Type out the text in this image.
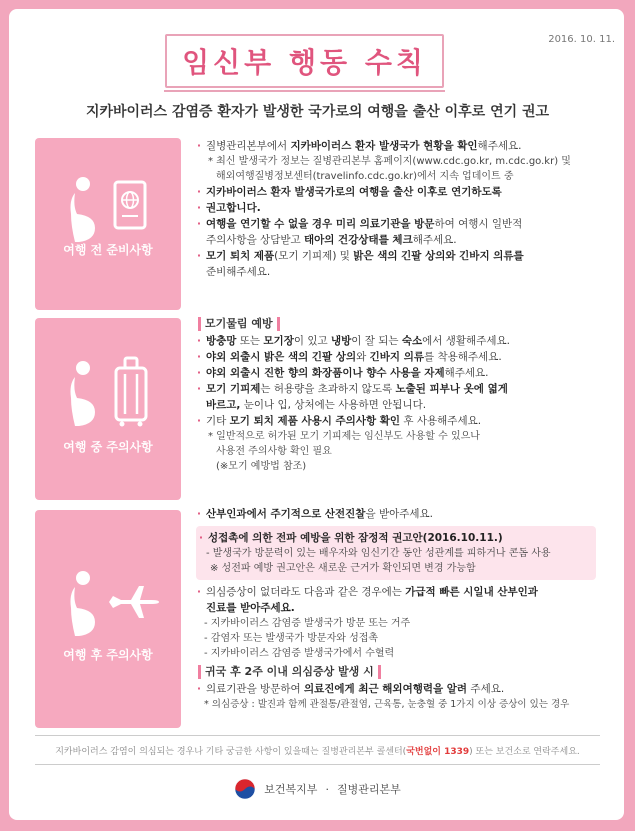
임신부 행동 수칙
2016. 10. 11.
지카바이러스 감염증 환자가 발생한 국가로의 여행을 출산 이후로 연기 권고
여행 전 준비사항
여행 중 주의사항
여행 후 주의사항
· 질병관리본부에서 지카바이러스 환자 발생국가 현황을 확인해주세요.
* 최신 발생국가 정보는 질병관리본부 홈페이지(www.cdc.go.kr, m.cdc.go.kr) 및
해외여행질병정보센터(travelinfo.cdc.go.kr)에서 지속 업데이트 중
· 지카바이러스 환자 발생국가로의 여행을 출산 이후로 연기하도록
· 권고합니다.
· 여행을 연기할 수 없을 경우 미리 의료기관을 방문하여 여행시 일반적
주의사항을 상담받고 태아의 건강상태를 체크해주세요.
· 모기 퇴치 제품(모기 기피제) 및 밝은 색의 긴팔 상의와 긴바지 의류를
준비해주세요.
모기물림 예방
· 방충망 또는 모기장이 있고 냉방이 잘 되는 숙소에서 생활해주세요.
· 야외 외출시 밝은 색의 긴팔 상의와 긴바지 의류를 착용해주세요.
· 야외 외출시 진한 향의 화장품이나 향수 사용을 자제해주세요.
· 모기 기피제는 허용량을 초과하지 않도록 노출된 피부나 옷에 엷게
바르고, 눈이나 입, 상처에는 사용하면 안됩니다.
· 기타 모기 퇴치 제품 사용시 주의사항 확인 후 사용해주세요.
* 일반적으로 허가된 모기 기피제는 임신부도 사용할 수 있으나
사용전 주의사항 확인 필요
(※모기 예방법 참조)
· 산부인과에서 주기적으로 산전진찰을 받아주세요.
· 성접촉에 의한 전파 예방을 위한 잠정적 권고안(2016.10.11.)
- 발생국가 방문력이 있는 배우자와 임신기간 동안 성관계를 피하거나 콘돔 사용
※ 성전파 예방 권고안은 새로운 근거가 확인되면 변경 가능함
· 의심증상이 없더라도 다음과 같은 경우에는 가급적 빠른 시일내 산부인과
진료를 받아주세요.
- 지카바이러스 감염증 발생국가 방문 또는 거주
- 감염자 또는 발생국가 방문자와 성접촉
- 지카바이러스 감염증 발생국가에서 수혈력
귀국 후 2주 이내 의심증상 발생 시
· 의료기관을 방문하여 의료진에게 최근 해외여행력을 알려 주세요.
* 의심증상 : 발진과 함께 관절통/관절염, 근육통, 눈충혈 중 1가지 이상 증상이 있는 경우
지카바이러스 감염이 의심되는 경우나 기타 궁금한 사항이 있을때는 질병관리본부 콜센터(국번없이 1339) 또는 보건소로 연락주세요.
보건복지부 · 질병관리본부
